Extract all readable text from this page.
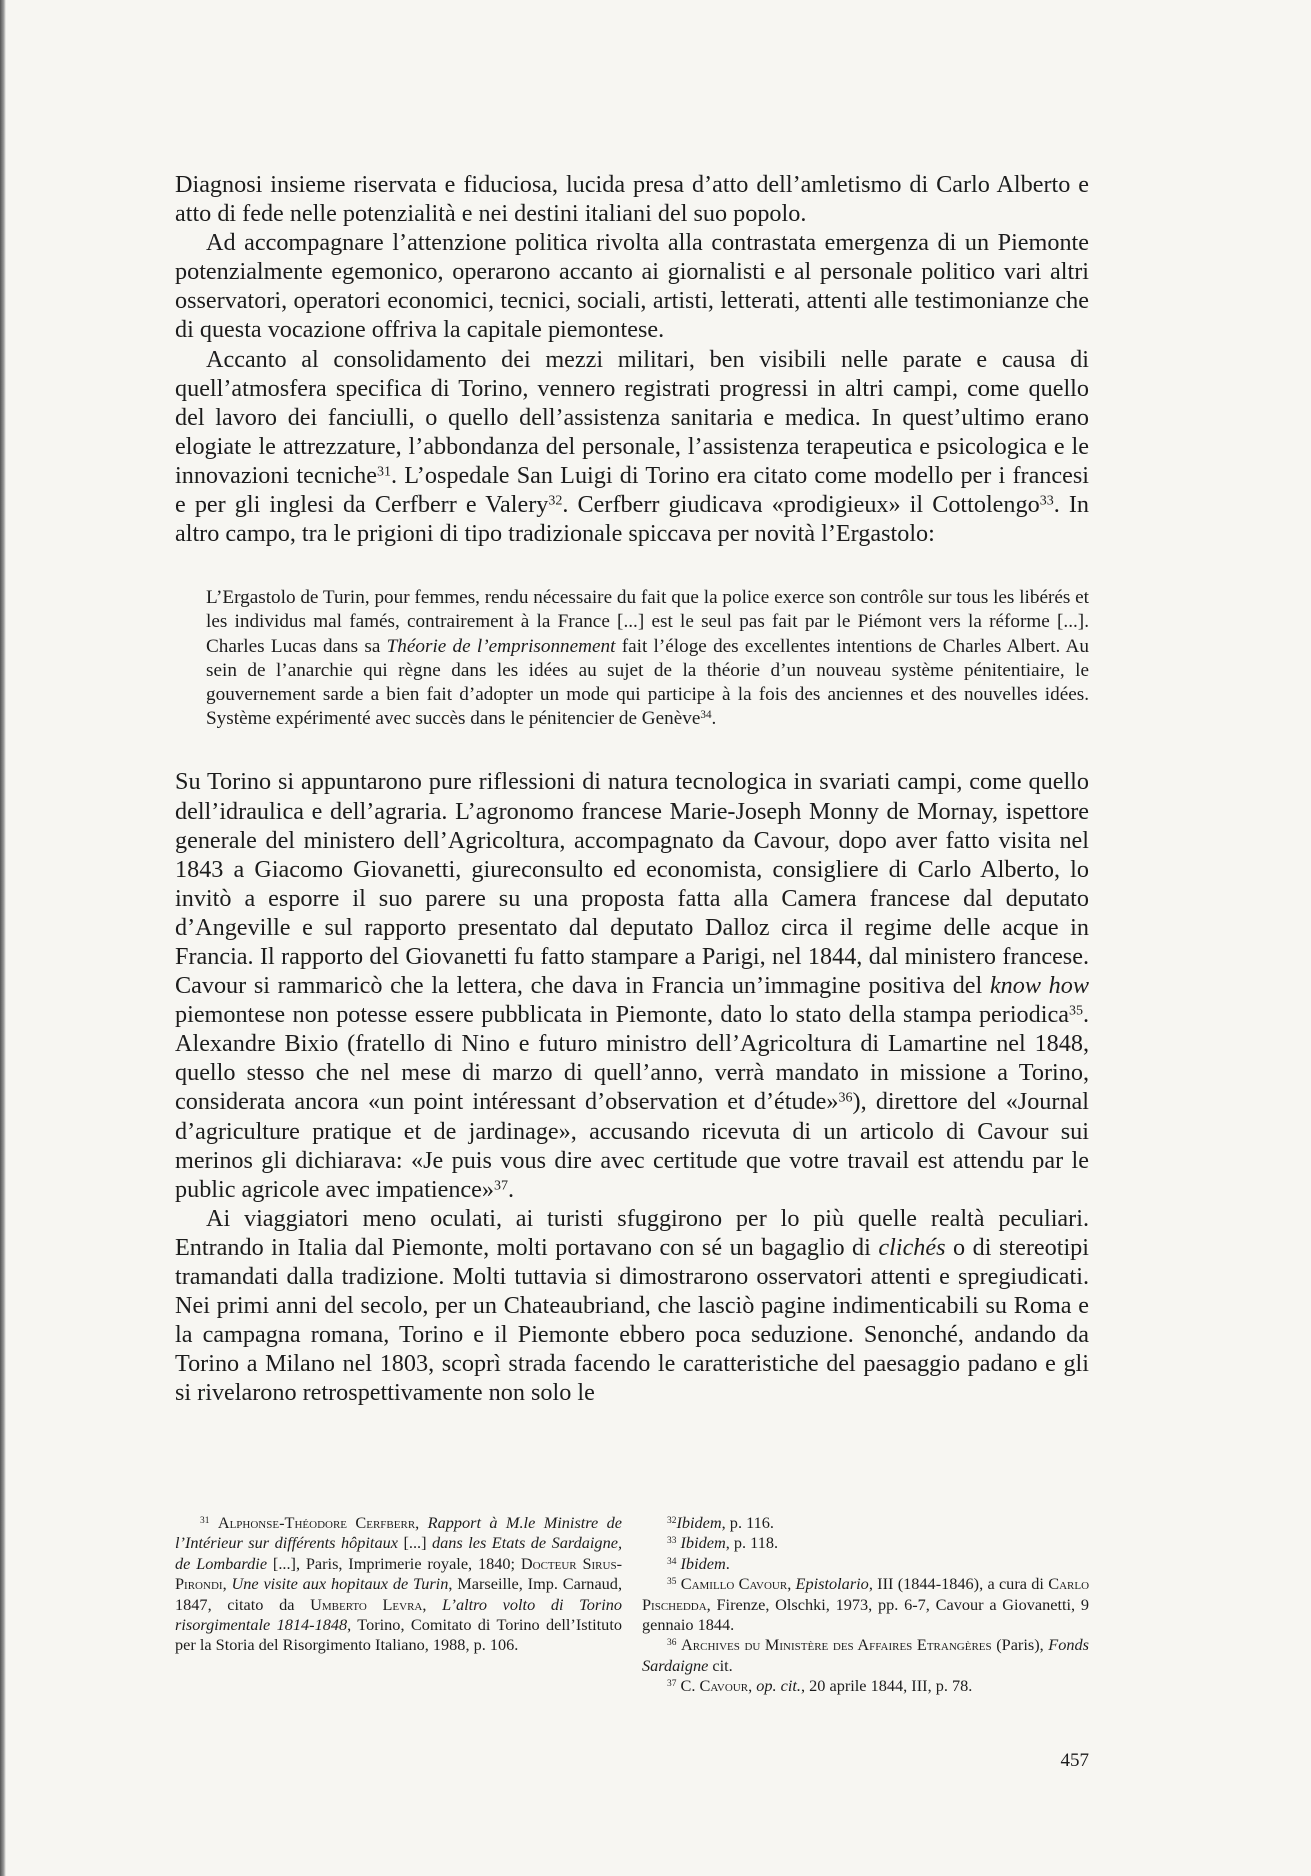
Diagnosi insieme riservata e fiduciosa, lucida presa d’atto dell’amletismo di Carlo Alberto e atto di fede nelle potenzialità e nei destini italiani del suo popolo.

Ad accompagnare l’attenzione politica rivolta alla contrastata emergenza di un Piemonte potenzialmente egemonico, operarono accanto ai giornalisti e al personale politico vari altri osservatori, operatori economici, tecnici, sociali, artisti, letterati, attenti alle testimonianze che di questa vocazione offriva la capitale piemontese.

Accanto al consolidamento dei mezzi militari, ben visibili nelle parate e causa di quell’atmosfera specifica di Torino, vennero registrati progressi in altri campi, come quello del lavoro dei fanciulli, o quello dell’assistenza sanitaria e medica. In quest’ultimo erano elogiate le attrezzature, l’abbondanza del personale, l’assistenza terapeutica e psicologica e le innovazioni tecniche$^{31}$. L’ospedale San Luigi di Torino era citato come modello per i francesi e per gli inglesi da Cerfberr e Valery$^{32}$. Cerfberr giudicava «prodigieux» il Cottolengo$^{33}$. In altro campo, tra le prigioni di tipo tradizionale spiccava per novità l’Ergastolo:

L’Ergastolo de Turin, pour femmes, rendu nécessaire du fait que la police exerce son contrôle sur tous les libérés et les individus mal famés, contrairement à la France [...] est le seul pas fait par le Piémont vers la réforme [...]. Charles Lucas dans sa Théorie de l’emprisonnement fait l’éloge des excellentes intentions de Charles Albert. Au sein de l’anarchie qui règne dans les idées au sujet de la théorie d’un nouveau système pénitentiaire, le gouvernement sarde a bien fait d’adopter un mode qui participe à la fois des anciennes et des nouvelles idées. Système expérimenté avec succès dans le pénitencier de Genève$^{34}$.

Su Torino si appuntarono pure riflessioni di natura tecnologica in svariati campi, come quello dell’idraulica e dell’agraria. L’agronomo francese Marie-Joseph Monny de Mornay, ispettore generale del ministero dell’Agricoltura, accompagnato da Cavour, dopo aver fatto visita nel 1843 a Giacomo Giovanetti, giureconsulto ed economista, consigliere di Carlo Alberto, lo invitò a esporre il suo parere su una proposta fatta alla Camera francese dal deputato d’Angeville e sul rapporto presentato dal deputato Dalloz circa il regime delle acque in Francia. Il rapporto del Giovanetti fu fatto stampare a Parigi, nel 1844, dal ministero francese. Cavour si rammaricò che la lettera, che dava in Francia un’immagine positiva del know how piemontese non potesse essere pubblicata in Piemonte, dato lo stato della stampa periodica$^{35}$. Alexandre Bixio (fratello di Nino e futuro ministro dell’Agricoltura di Lamartine nel 1848, quello stesso che nel mese di marzo di quell’anno, verrà mandato in missione a Torino, considerata ancora «un point intéressant d’observation et d’étude»$^{36}$), direttore del «Journal d’agriculture pratique et de jardinage», accusando ricevuta di un articolo di Cavour sui merinos gli dichiarava: «Je puis vous dire avec certitude que votre travail est attendu par le public agricole avec impatience»$^{37}$.

Ai viaggiatori meno oculati, ai turisti sfuggirono per lo più quelle realtà peculiari. Entrando in Italia dal Piemonte, molti portavano con sé un bagaglio di clichés o di stereotipi tramandati dalla tradizione. Molti tuttavia si dimostrarono osservatori attenti e spregiudicati. Nei primi anni del secolo, per un Chateaubriand, che lasciò pagine indimenticabili su Roma e la campagna romana, Torino e il Piemonte ebbero poca seduzione. Senonché, andando da Torino a Milano nel 1803, scoprì strada facendo le caratteristiche del paesaggio padano e gli si rivelarono retrospettivamente non solo le

$^{31}$ Alphonse-Théodore Cerfberr, Rapport à M.le Ministre de l’Intérieur sur différents hôpitaux [...] dans les Etats de Sardaigne, de Lombardie [...], Paris, Imprimerie royale, 1840; Docteur Sirus-Pirondi, Une visite aux hopitaux de Turin, Marseille, Imp. Carnaud, 1847, citato da Umberto Levra, L’altro volto di Torino risorgimentale 1814-1848, Torino, Comitato di Torino dell’Istituto per la Storia del Risorgimento Italiano, 1988, p. 106.

$^{32}$Ibidem, p. 116.

$^{33}$ Ibidem, p. 118.

$^{34}$ Ibidem.

$^{35}$ Camillo Cavour, Epistolario, III (1844-1846), a cura di Carlo Pischedda, Firenze, Olschki, 1973, pp. 6-7, Cavour a Giovanetti, 9 gennaio 1844.

$^{36}$ Archives du Ministère des Affaires Etrangères (Paris), Fonds Sardaigne cit.

$^{37}$ C. Cavour, op. cit., 20 aprile 1844, III, p. 78.

457
